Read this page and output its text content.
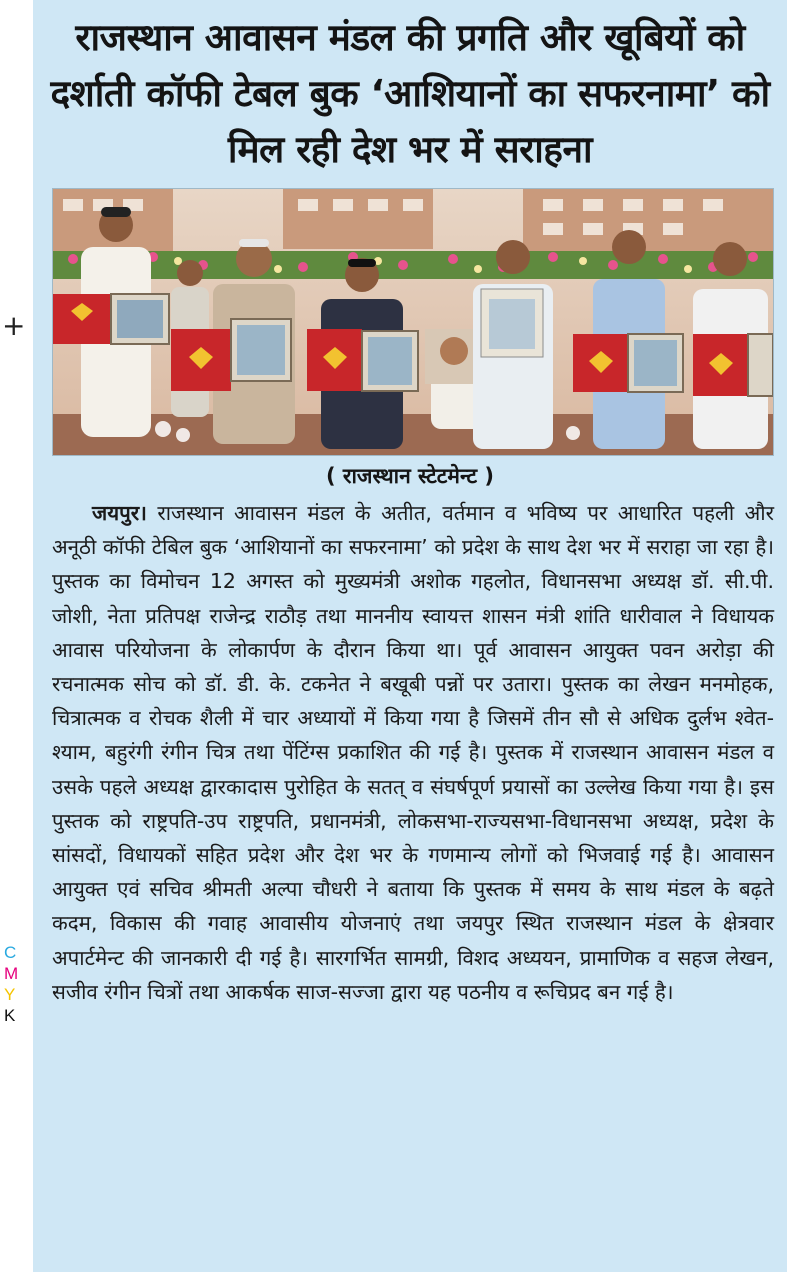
+
C
M
Y
K
राजस्थान आवासन मंडल की प्रगति और खूबियों को दर्शाती कॉफी टेबल बुक ‘आशियानों का सफरनामा’ को मिल रही देश भर में सराहना
( राजस्थान स्टेटमेन्ट )

जयपुर। राजस्थान आवासन मंडल के अतीत, वर्तमान व भविष्य पर आधारित पहली और अनूठी कॉफी टेबिल बुक ‘आशियानों का सफरनामा’ को प्रदेश के साथ देश भर में सराहा जा रहा है। पुस्तक का विमोचन 12 अगस्त को मुख्यमंत्री अशोक गहलोत, विधानसभा अध्यक्ष डॉ. सी.पी. जोशी, नेता प्रतिपक्ष राजेन्द्र राठौड़ तथा माननीय स्वायत्त शासन मंत्री शांति धारीवाल ने विधायक आवास परियोजना के लोकार्पण के दौरान किया था। पूर्व आवासन आयुक्त पवन अरोड़ा की रचनात्मक सोच को डॉ. डी. के. टकनेत ने बखूबी पन्नों पर उतारा। पुस्तक का लेखन मनमोहक, चित्रात्मक व रोचक शैली में चार अध्यायों में किया गया है जिसमें तीन सौ से अधिक दुर्लभ श्वेत-श्याम, बहुरंगी रंगीन चित्र तथा पेंटिंग्स प्रकाशित की गई है। पुस्तक में राजस्थान आवासन मंडल व उसके पहले अध्यक्ष द्वारकादास पुरोहित के सतत् व संघर्षपूर्ण प्रयासों का उल्लेख किया गया है। इस पुस्तक को राष्ट्रपति-उप राष्ट्रपति, प्रधानमंत्री, लोकसभा-राज्यसभा-विधानसभा अध्यक्ष, प्रदेश के सांसदों, विधायकों सहित प्रदेश और देश भर के गणमान्य लोगों को भिजवाई गई है। आवासन आयुक्त एवं सचिव श्रीमती अल्पा चौधरी ने बताया कि पुस्तक में समय के साथ मंडल के बढ़ते कदम, विकास की गवाह आवासीय योजनाएं तथा जयपुर स्थित राजस्थान मंडल के क्षेत्रवार अपार्टमेन्ट की जानकारी दी गई है। सारगर्भित सामग्री, विशद अध्ययन, प्रामाणिक व सहज लेखन, सजीव रंगीन चित्रों तथा आकर्षक साज-सज्जा द्वारा यह पठनीय व रूचिप्रद बन गई है।
